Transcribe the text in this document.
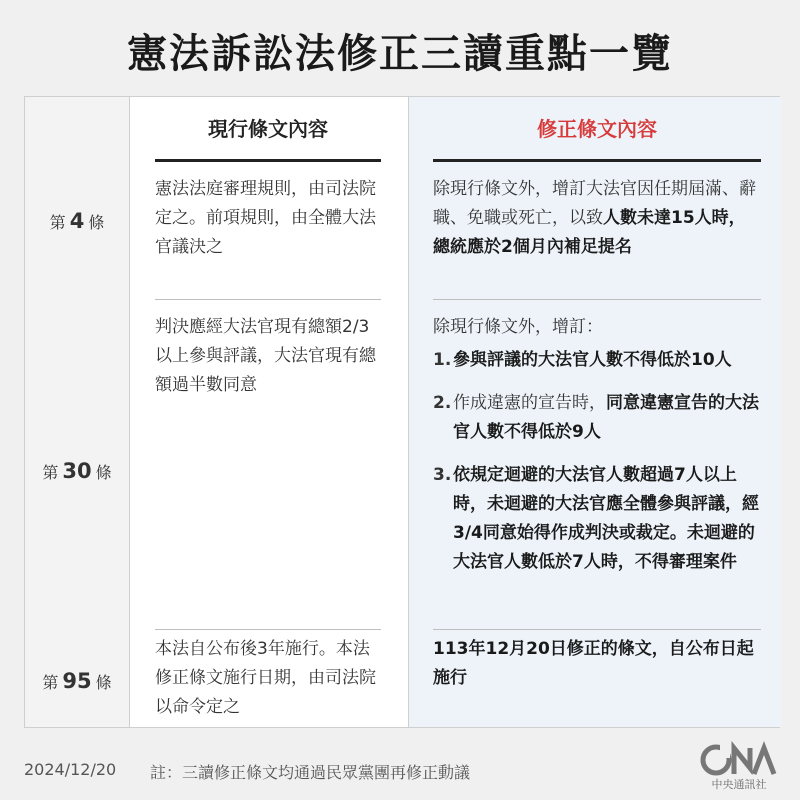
憲法訴訟法修正三讀重點一覽
現行條文內容	修正條文內容
第 4 條
憲法法庭審理規則，由司法院定之。前項規則，由全體大法官議決之
除現行條文外，增訂大法官因任期屆滿、辭職、免職或死亡，以致人數未達15人時，總統應於2個月內補足提名
第 30 條
判決應經大法官現有總額2/3以上參與評議，大法官現有總額過半數同意
除現行條文外，增訂：
1. 參與評議的大法官人數不得低於10人
2. 作成違憲的宣告時，同意違憲宣告的大法官人數不得低於9人
3. 依規定迴避的大法官人數超過7人以上時，未迴避的大法官應全體參與評議，經3/4同意始得作成判決或裁定。未迴避的大法官人數低於7人時，不得審理案件
第 95 條
本法自公布後3年施行。本法修正條文施行日期，由司法院以命令定之
113年12月20日修正的條文，自公布日起施行
2024/12/20 註：三讀修正條文均通過民眾黨團再修正動議
中央通訊社
